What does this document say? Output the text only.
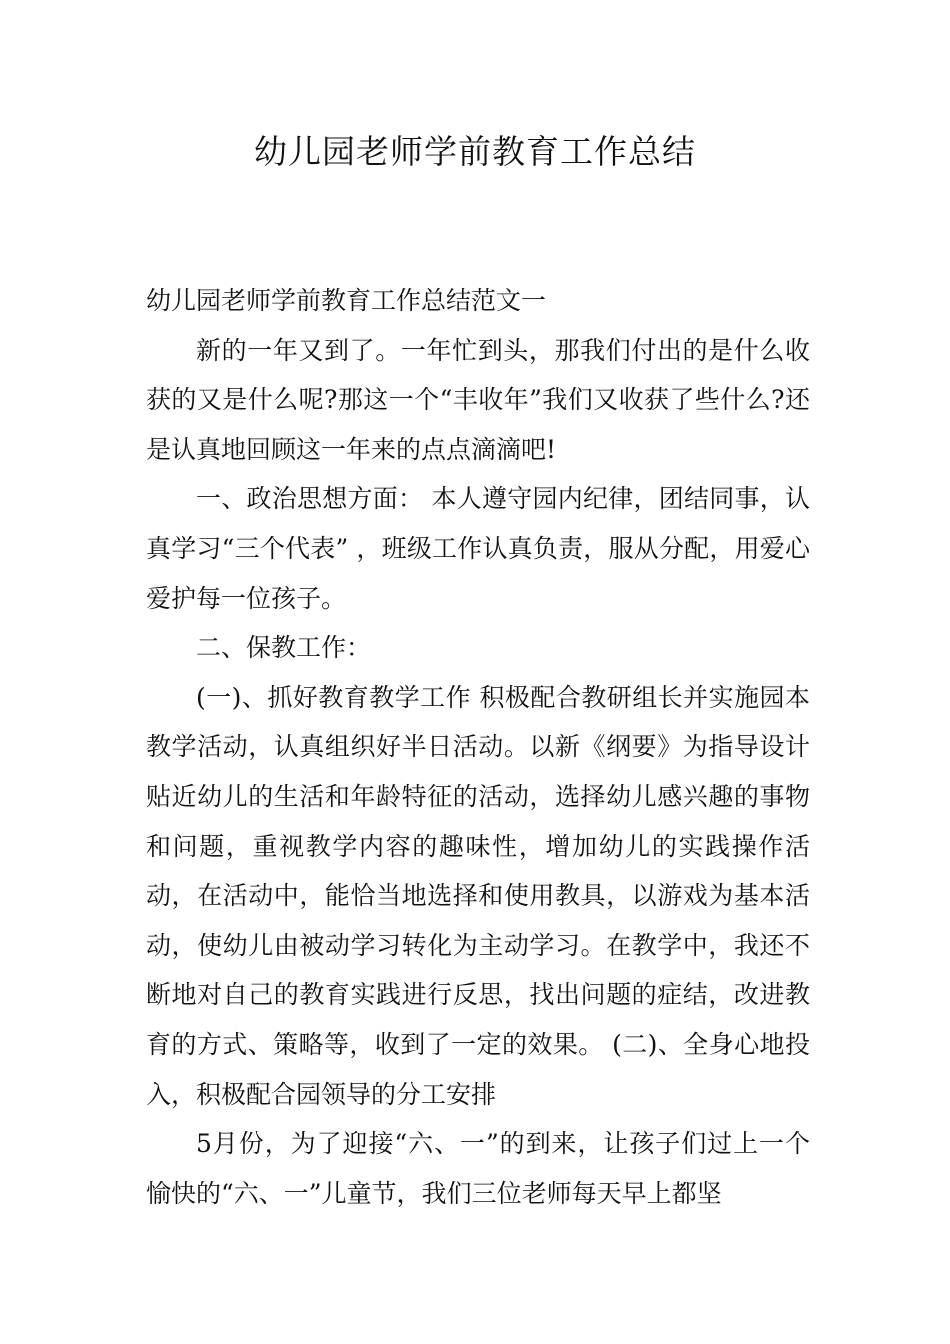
幼儿园老师学前教育工作总结

幼儿园老师学前教育工作总结范文一

新的一年又到了。一年忙到头，那我们付出的是什么收获的又是什么呢?那这一个“丰收年”我们又收获了些什么?还是认真地回顾这一年来的点点滴滴吧!

一、政治思想方面： 本人遵守园内纪律，团结同事，认真学习“三个代表” ，班级工作认真负责，服从分配，用爱心爱护每一位孩子。

二、保教工作：

(一)、抓好教育教学工作 积极配合教研组长并实施园本教学活动，认真组织好半日活动。以新《纲要》为指导设计贴近幼儿的生活和年龄特征的活动，选择幼儿感兴趣的事物和问题，重视教学内容的趣味性，增加幼儿的实践操作活动，在活动中，能恰当地选择和使用教具，以游戏为基本活动，使幼儿由被动学习转化为主动学习。在教学中，我还不断地对自己的教育实践进行反思，找出问题的症结，改进教育的方式、策略等，收到了一定的效果。 (二)、全身心地投入，积极配合园领导的分工安排

5月份，为了迎接“六、一”的到来，让孩子们过上一个愉快的“六、一”儿童节，我们三位老师每天早上都坚
